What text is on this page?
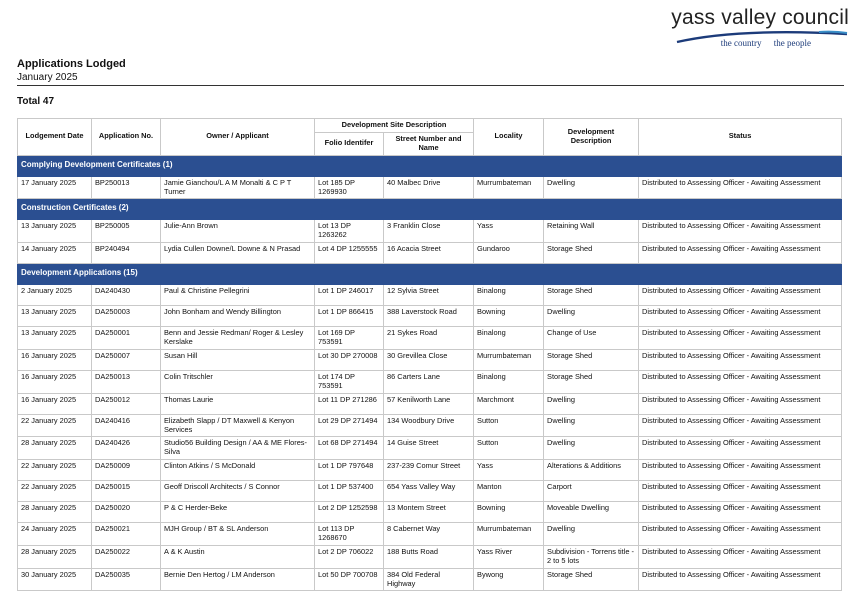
yass valley council
the country the people
Applications Lodged
January 2025
Total 47
Lodgement Date	Application No.	Owner / Applicant	Development Site Description		Locality	Development Description	Status
			Folio Identifer	Street Number and Name			
Complying Development Certificates (1)							
17 January 2025	BP250013	Jamie Gianchou/L A M Monalti & C P T Turner	Lot 185 DP 1269930	40 Malbec Drive	Murrumbateman	Dwelling	Distributed to Assessing Officer - Awaiting Assessment
Construction Certificates (2)							
13 January 2025	BP250005	Julie-Ann Brown	Lot 13 DP 1263262	3 Franklin Close	Yass	Retaining Wall	Distributed to Assessing Officer - Awaiting Assessment
14 January 2025	BP240494	Lydia Cullen Downe/L Downe & N Prasad	Lot 4 DP 1255555	16 Acacia Street	Gundaroo	Storage Shed	Distributed to Assessing Officer - Awaiting Assessment
Development Applications (15)							
2 January 2025	DA240430	Paul & Christine Pellegrini	Lot 1 DP 246017	12 Sylvia Street	Binalong	Storage Shed	Distributed to Assessing Officer - Awaiting Assessment
13 January 2025	DA250003	John Bonham and Wendy Billington	Lot 1 DP 866415	388 Laverstock Road	Bowning	Dwelling	Distributed to Assessing Officer - Awaiting Assessment
13 January 2025	DA250001	Benn and Jessie Redman/ Roger & Lesley Kerslake	Lot 169 DP 753591	21 Sykes Road	Binalong	Change of Use	Distributed to Assessing Officer - Awaiting Assessment
16 January 2025	DA250007	Susan Hill	Lot 30 DP 270008	30 Grevillea Close	Murrumbateman	Storage Shed	Distributed to Assessing Officer - Awaiting Assessment
16 January 2025	DA250013	Colin Tritschler	Lot 174 DP 753591	86 Carters Lane	Binalong	Storage Shed	Distributed to Assessing Officer - Awaiting Assessment
16 January 2025	DA250012	Thomas Laurie	Lot 11 DP 271286	57 Kenilworth Lane	Marchmont	Dwelling	Distributed to Assessing Officer - Awaiting Assessment
22 January 2025	DA240416	Elizabeth Slapp / DT Maxwell & Kenyon Services	Lot 29 DP 271494	134 Woodbury Drive	Sutton	Dwelling	Distributed to Assessing Officer - Awaiting Assessment
28 January 2025	DA240426	Studio56 Building Design / AA & ME Flores-Silva	Lot 68 DP 271494	14 Guise Street	Sutton	Dwelling	Distributed to Assessing Officer - Awaiting Assessment
22 January 2025	DA250009	Clinton Atkins / S McDonald	Lot 1 DP 797648	237-239 Comur Street	Yass	Alterations & Additions	Distributed to Assessing Officer - Awaiting Assessment
22 January 2025	DA250015	Geoff Driscoll Architects / S Connor	Lot 1 DP 537400	654 Yass Valley Way	Manton	Carport	Distributed to Assessing Officer - Awaiting Assessment
28 January 2025	DA250020	P & C Herder-Beke	Lot 2 DP 1252598	13 Montem Street	Bowning	Moveable Dwelling	Distributed to Assessing Officer - Awaiting Assessment
24 January 2025	DA250021	MJH Group / BT & SL Anderson	Lot 113 DP 1268670	8 Cabernet Way	Murrumbateman	Dwelling	Distributed to Assessing Officer - Awaiting Assessment
28 January 2025	DA250022	A & K Austin	Lot 2 DP 706022	188 Butts Road	Yass River	Subdivision - Torrens title - 2 to 5 lots	Distributed to Assessing Officer - Awaiting Assessment
30 January 2025	DA250035	Bernie Den Hertog / LM Anderson	Lot 50 DP 700708	384 Old Federal Highway	Bywong	Storage Shed	Distributed to Assessing Officer - Awaiting Assessment
